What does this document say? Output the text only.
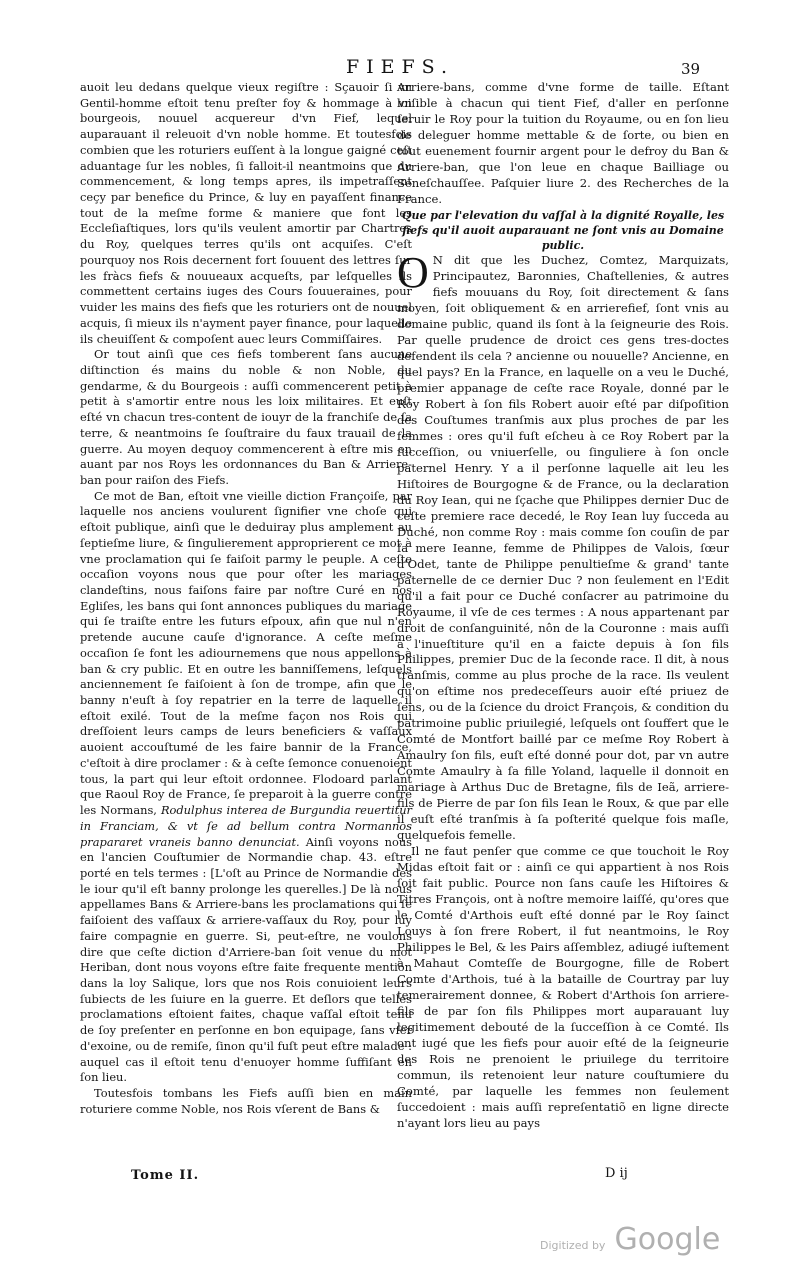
FIEFS.	39

auoit leu dedans quelque vieux regiſtre : Sçauoir ſi vn Gentil-homme eſtoit tenu preſter foy & hommage à vn bourgeois, nouuel acquereur d'vn Fief, lequel auparauant il releuoit d'vn noble homme. Et toutesfois combien que les roturiers euſſent à la longue gaigné ceſt aduantage ſur les nobles, ſi falloit-il neantmoins que du commencement, & long temps apres, ils impetraſſent ceçy par benefice du Prince, & luy en payaſſent finance tout de la meſme forme & maniere que font les Eccleſiaſtiques, lors qu'ils veulent amortir par Chartres du Roy, quelques terres qu'ils ont acquiſes. C'eſt pourquoy nos Rois decernent fort ſouuent des lettres ſur les fràcs fiefs & nouueaux acqueſts, par leſquelles ils commettent certains iuges des Cours ſouueraines, pour vuider les mains des fiefs que les roturiers ont de nouuel acquis, ſi mieux ils n'ayment payer finance, pour laquelle ils cheuiſſent & compoſent auec leurs Commiſſaires.

Or tout ainſi que ces fiefs tomberent ſans aucune diſtinction és mains du noble & non Noble, du gendarme, & du Bourgeois : auſſi commencerent petit à petit à s'amortir entre nous les loix militaires. Et euſt eſté vn chacun tres-content de iouyr de la franchiſe de ſa terre, & neantmoins ſe ſouſtraire du faux trauail de la guerre. Au moyen dequoy commencerent à eſtre mis en auant par nos Roys les ordonnances du Ban & Arriere-ban pour raiſon des Fiefs.

Ce mot de Ban, eſtoit vne vieille diction Françoiſe, par laquelle nos anciens voulurent ſignifier vne choſe qui eſtoit publique, ainſi que le deduiray plus amplement au ſeptieſme liure, & ſingulierement approprierent ce mot à vne proclamation qui ſe faiſoit parmy le peuple. A ceſte occaſion voyons nous que pour oſter les mariages clandeſtins, nous faiſons faire par noſtre Curé en nos Egliſes, les bans qui ſont annonces publiques du mariage qui ſe traiſte entre les futurs eſpoux, afin que nul n'en pretende aucune cauſe d'ignorance. A ceſte meſme occaſion ſe font les adiournemens que nous appellons à ban & cry public. Et en outre les banniſſemens, leſquels anciennement ſe faiſoient à ſon de trompe, afin que le banny n'euſt à ſoy repatrier en la terre de laquelle il eſtoit exilé. Tout de la meſme façon nos Rois qui dreſſoient leurs camps de leurs beneficiers & vaſſaux auoient accouſtumé de les faire bannir de la France, c'eſtoit à dire proclamer : & à ceſte ſemonce conuenoient tous, la part qui leur eſtoit ordonnee. Flodoard parlant que Raoul Roy de France, ſe preparoit à la guerre contre les Normans, Rodulphus interea de Burgundia reuertitur in Franciam, & vt ſe ad bellum contra Normannos prapararet vraneis banno denunciat. Ainſi voyons nous en l'ancien Couſtumier de Normandie chap. 43. eſtre porté en tels termes : [L'oſt au Prince de Normandie dés le iour qu'il eſt banny prolonge les querelles.] De là nous appellames Bans & Arriere-bans les proclamations qui ſe faiſoient des vaſſaux & arriere-vaſſaux du Roy, pour luy faire compagnie en guerre. Si, peut-eſtre, ne voulons dire que ceſte diction d'Arriere-ban ſoit venue du mot Heriban, dont nous voyons eſtre faite frequente mention dans la loy Salique, lors que nos Rois conuioient leurs ſubiects de les ſuiure en la guerre. Et deſlors que telles proclamations eſtoient faites, chaque vaſſal eſtoit tenu de ſoy preſenter en perſonne en bon equipage, ſans vſer d'exoine, ou de remiſe, ſinon qu'il fuſt peut eſtre malade : auquel cas il eſtoit tenu d'enuoyer homme ſuffiſant en ſon lieu.

Toutesfois tombans les Fiefs auſſi bien en main roturiere comme Noble, nos Rois vſerent de Bans &

Arriere-bans, comme d'vne forme de taille. Eſtant loiſible à chacun qui tient Fief, d'aller en perſonne ſeruir le Roy pour la tuition du Royaume, ou en ſon lieu de deleguer homme mettable & de ſorte, ou bien en tout euenement fournir argent pour le defroy du Ban & Arriere-ban, que l'on leue en chaque Bailliage ou Seneſchauſſee. Paſquier liure 2. des Recherches de la France.

Que par l'elevation du vaſſal à la dignité Royalle, les fiefs qu'il auoit auparauant ne ſont vnis au Domaine public.

O N dit que les Duchez, Comtez, Marquizats, Principautez, Baronnies, Chaſtellenies, & autres fiefs mouuans du Roy, ſoit directement & ſans moyen, ſoit obliquement & en arrierefief, ſont vnis au domaine public, quand ils ſont à la ſeigneurie des Rois. Par quelle prudence de droict ces gens tres-doctes defendent ils cela ? ancienne ou nouuelle? Ancienne, en quel pays? En la France, en laquelle on a veu le Duché, premier appanage de ceſte race Royale, donné par le Roy Robert à ſon fils Robert auoir eſté par diſpoſition des Couſtumes tranſmis aux plus proches de par les femmes : ores qu'il fuſt eſcheu à ce Roy Robert par la ſucceſſion, ou vniuerſelle, ou ſinguliere à ſon oncle paternel Henry. Y a il perſonne laquelle ait leu les Hiſtoires de Bourgogne & de France, ou la declaration du Roy Iean, qui ne ſçache que Philippes dernier Duc de ceſte premiere race decedé, le Roy Iean luy ſucceda au Duché, non comme Roy : mais comme ſon couſin de par ſa mere Ieanne, femme de Philippes de Valois, ſœur d'Odet, tante de Philippe penultieſme & grand' tante paternelle de ce dernier Duc ? non ſeulement en l'Edit qu'il a fait pour ce Duché conſacrer au patrimoine du Royaume, il vſe de ces termes : A nous appartenant par droit de conſanguinité, nôn de la Couronne : mais auſſi à l'inueſtiture qu'il en a faicte depuis à ſon fils Philippes, premier Duc de la ſeconde race. Il dit, à nous tranſmis, comme au plus proche de la race. Ils veulent qu'on eſtime nos predeceſſeurs auoir eſté priuez de ſens, ou de la ſcience du droict François, & condition du patrimoine public priuilegié, leſquels ont ſouffert que le Comté de Montfort baillé par ce meſme Roy Robert à Amaulry ſon fils, euſt eſté donné pour dot, par vn autre Comte Amaulry à ſa fille Yoland, laquelle il donnoit en mariage à Arthus Duc de Bretagne, fils de Ieã, arriere-fils de Pierre de par ſon fils Iean le Roux, & que par elle il euſt eſté tranſmis à ſa poſterité quelque fois maſle, quelquefois femelle.

Il ne faut penſer que comme ce que touchoit le Roy Midas eſtoit fait or : ainſi ce qui appartient à nos Rois ſoit fait public. Pource non ſans cauſe les Hiſtoires & Titres François, ont à noſtre memoire laiſſé, qu'ores que le Comté d'Arthois euſt eſté donné par le Roy ſainct Louys à ſon frere Robert, il fut neantmoins, le Roy Philippes le Bel, & les Pairs aſſemblez, adiugé iuſtement à Mahaut Comteſſe de Bourgogne, fille de Robert Comte d'Arthois, tué à la bataille de Courtray par luy temerairement donnee, & Robert d'Arthois ſon arriere-fils de par ſon fils Philippes mort auparauant luy legitimement debouté de la ſucceſſion à ce Comté. Ils ont iugé que les fiefs pour auoir eſté de la ſeigneurie des Rois ne prenoient le priuilege du territoire commun, ils retenoient leur nature couſtumiere du Comté, par laquelle les femmes non ſeulement ſuccedoient : mais auſſi repreſentatiõ en ligne directe n'ayant lors lieu au pays

Tome II.	D ij
Digitized by Google
